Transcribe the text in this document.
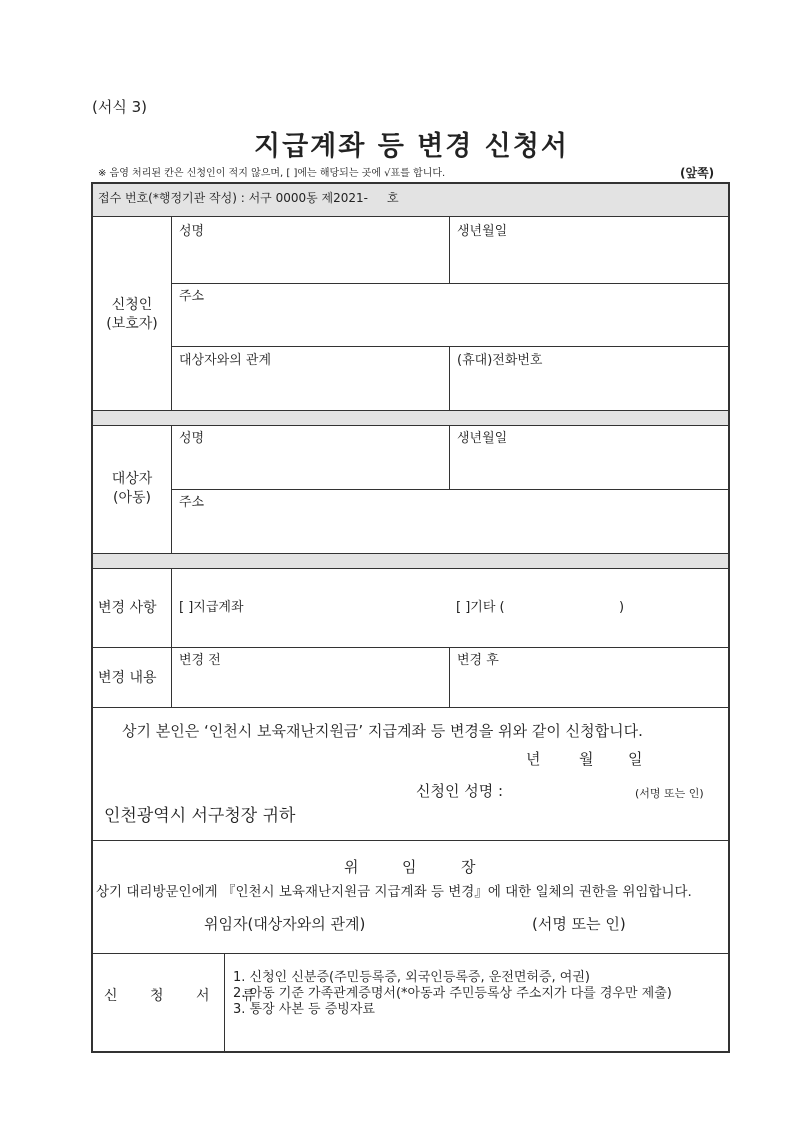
(서식 3)
지급계좌 등 변경 신청서
※ 음영 처리된 칸은 신청인이 적지 않으며, [ ]에는 해당되는 곳에 √표를 합니다.	(앞쪽)
접수 번호(*행정기관 작성) : 서구 0000동 제2021- 호
신청인
(보호자)
성명	생년월일
주소
대상자와의 관계	(휴대)전화번호
대상자
(아동)
성명	생년월일
주소
변경 사항 [ ]지급계좌	[ ]기타 (	)
변경 내용
변경 전	변경 후
상기 본인은 ‘인천시 보육재난지원금’ 지급계좌 등 변경을 위와 같이 신청합니다.
년	월 일
신청인 성명 :	(서명 또는 인)
인천광역시 서구청장 귀하
위	임	장
상기 대리방문인에게 『인천시 보육재난지원금 지급계좌 등 변경』에 대한 일체의 권한을 위임합니다.
위임자(대상자와의 관계)	(서명 또는 인)
신 청 서 류
1. 신청인 신분증(주민등록증, 외국인등록증, 운전면허증, 여권)
2. 아동 기준 가족관계증명서(*아동과 주민등록상 주소지가 다를 경우만 제출)
3. 통장 사본 등 증빙자료
